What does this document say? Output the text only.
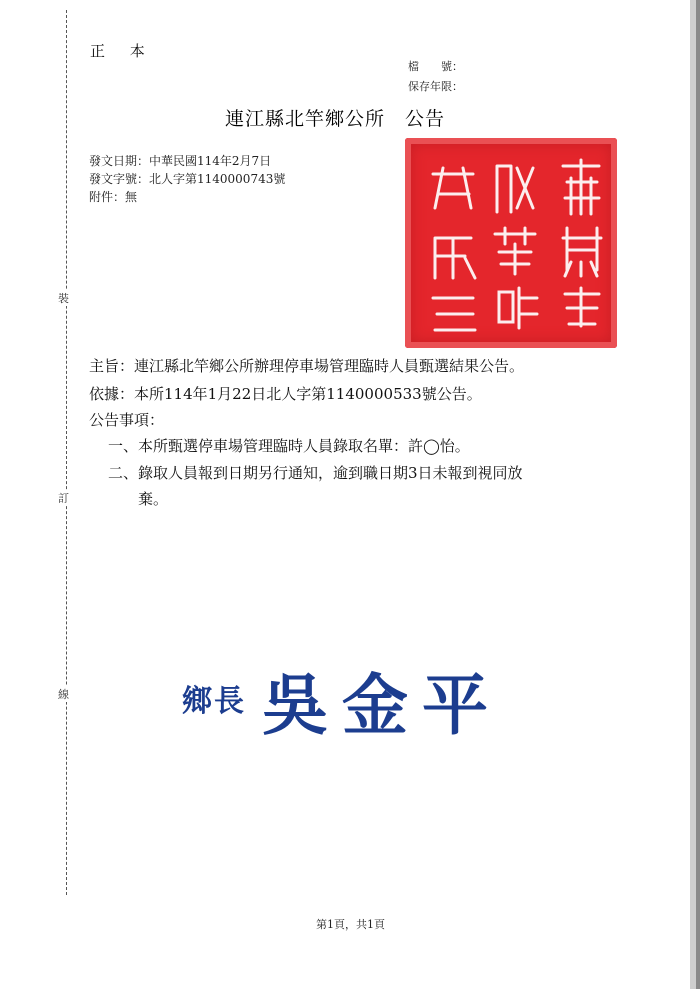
裝
訂
線
正 本
檔　　號：
保存年限：
連江縣北竿鄉公所　公告
發文日期：中華民國114年2月7日
發文字號：北人字第1140000743號
附件：無
主旨：連江縣北竿鄉公所辦理停車場管理臨時人員甄選結果公告。
依據：本所114年1月22日北人字第1140000533號公告。
公告事項：
一、本所甄選停車場管理臨時人員錄取名單：許◯怡。
二、錄取人員報到日期另行通知，逾到職日期3日未報到視同放
棄。
鄉長 吳金平
第1頁，共1頁
